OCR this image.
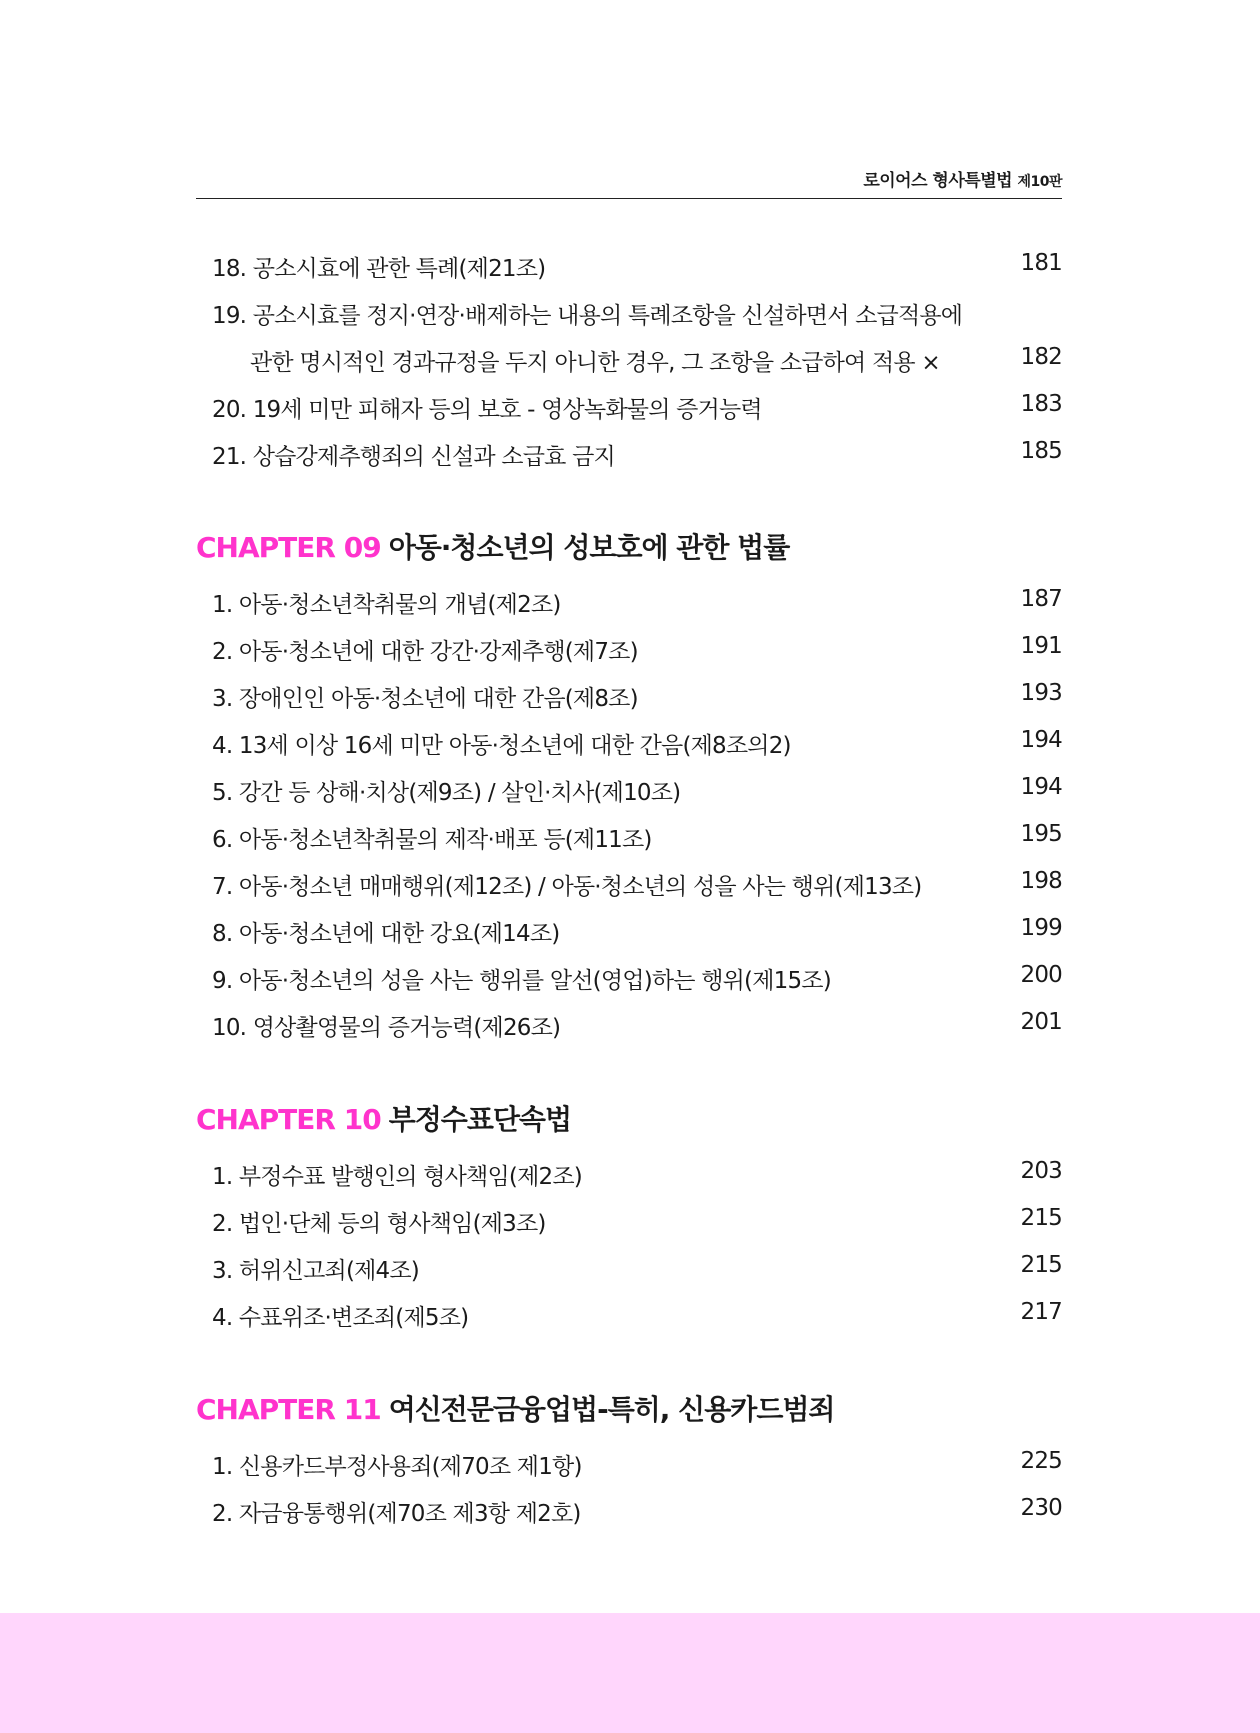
로이어스 형사특별법 제10판
18. 공소시효에 관한 특례(제21조)	181
19. 공소시효를 정지·연장·배제하는 내용의 특례조항을 신설하면서 소급적용에
관한 명시적인 경과규정을 두지 아니한 경우, 그 조항을 소급하여 적용 ×	182
20. 19세 미만 피해자 등의 보호 - 영상녹화물의 증거능력	183
21. 상습강제추행죄의 신설과 소급효 금지	185
CHAPTER 09 아동·청소년의 성보호에 관한 법률
1. 아동·청소년착취물의 개념(제2조)	187
2. 아동·청소년에 대한 강간·강제추행(제7조)	191
3. 장애인인 아동·청소년에 대한 간음(제8조)	193
4. 13세 이상 16세 미만 아동·청소년에 대한 간음(제8조의2)	194
5. 강간 등 상해·치상(제9조) / 살인·치사(제10조)	194
6. 아동·청소년착취물의 제작·배포 등(제11조)	195
7. 아동·청소년 매매행위(제12조) / 아동·청소년의 성을 사는 행위(제13조)	198
8. 아동·청소년에 대한 강요(제14조)	199
9. 아동·청소년의 성을 사는 행위를 알선(영업)하는 행위(제15조)	200
10. 영상촬영물의 증거능력(제26조)	201
CHAPTER 10 부정수표단속법
1. 부정수표 발행인의 형사책임(제2조)	203
2. 법인·단체 등의 형사책임(제3조)	215
3. 허위신고죄(제4조)	215
4. 수표위조·변조죄(제5조)	217
CHAPTER 11 여신전문금융업법-특히, 신용카드범죄
1. 신용카드부정사용죄(제70조 제1항)	225
2. 자금융통행위(제70조 제3항 제2호)	230
